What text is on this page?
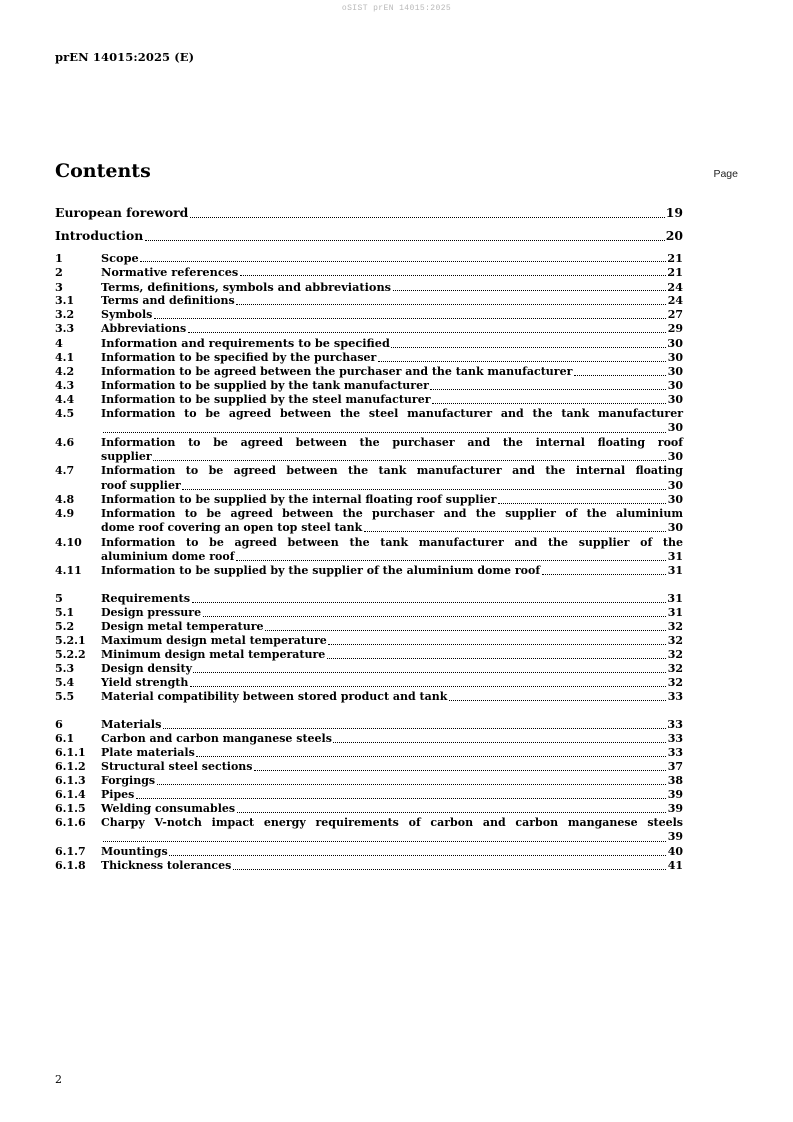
oSIST prEN 14015:2025
prEN 14015:2025 (E)
Contents	Page
European foreword	19
Introduction	20
1	Scope	21
2	Normative references	21
3	Terms, definitions, symbols and abbreviations	24
3.1	Terms and definitions	24
3.2	Symbols	27
3.3	Abbreviations	29
4	Information and requirements to be specified	30
4.1	Information to be specified by the purchaser	30
4.2	Information to be agreed between the purchaser and the tank manufacturer	30
4.3	Information to be supplied by the tank manufacturer	30
4.4	Information to be supplied by the steel manufacturer	30
4.5	Information to be agreed between the steel manufacturer and the tank manufacturer
30
4.6	Information to be agreed between the purchaser and the internal floating roof
supplier	30
4.7	Information to be agreed between the tank manufacturer and the internal floating
roof supplier	30
4.8	Information to be supplied by the internal floating roof supplier	30
4.9	Information to be agreed between the purchaser and the supplier of the aluminium
dome roof covering an open top steel tank	30
4.10	Information to be agreed between the tank manufacturer and the supplier of the
aluminium dome roof	31
4.11	Information to be supplied by the supplier of the aluminium dome roof	31
5	Requirements	31
5.1	Design pressure	31
5.2	Design metal temperature	32
5.2.1	Maximum design metal temperature	32
5.2.2	Minimum design metal temperature	32
5.3	Design density	32
5.4	Yield strength	32
5.5	Material compatibility between stored product and tank	33
6	Materials	33
6.1	Carbon and carbon manganese steels	33
6.1.1	Plate materials	33
6.1.2	Structural steel sections	37
6.1.3	Forgings	38
6.1.4	Pipes	39
6.1.5	Welding consumables	39
6.1.6	Charpy V-notch impact energy requirements of carbon and carbon manganese steels
39
6.1.7	Mountings	40
6.1.8	Thickness tolerances	41
2
